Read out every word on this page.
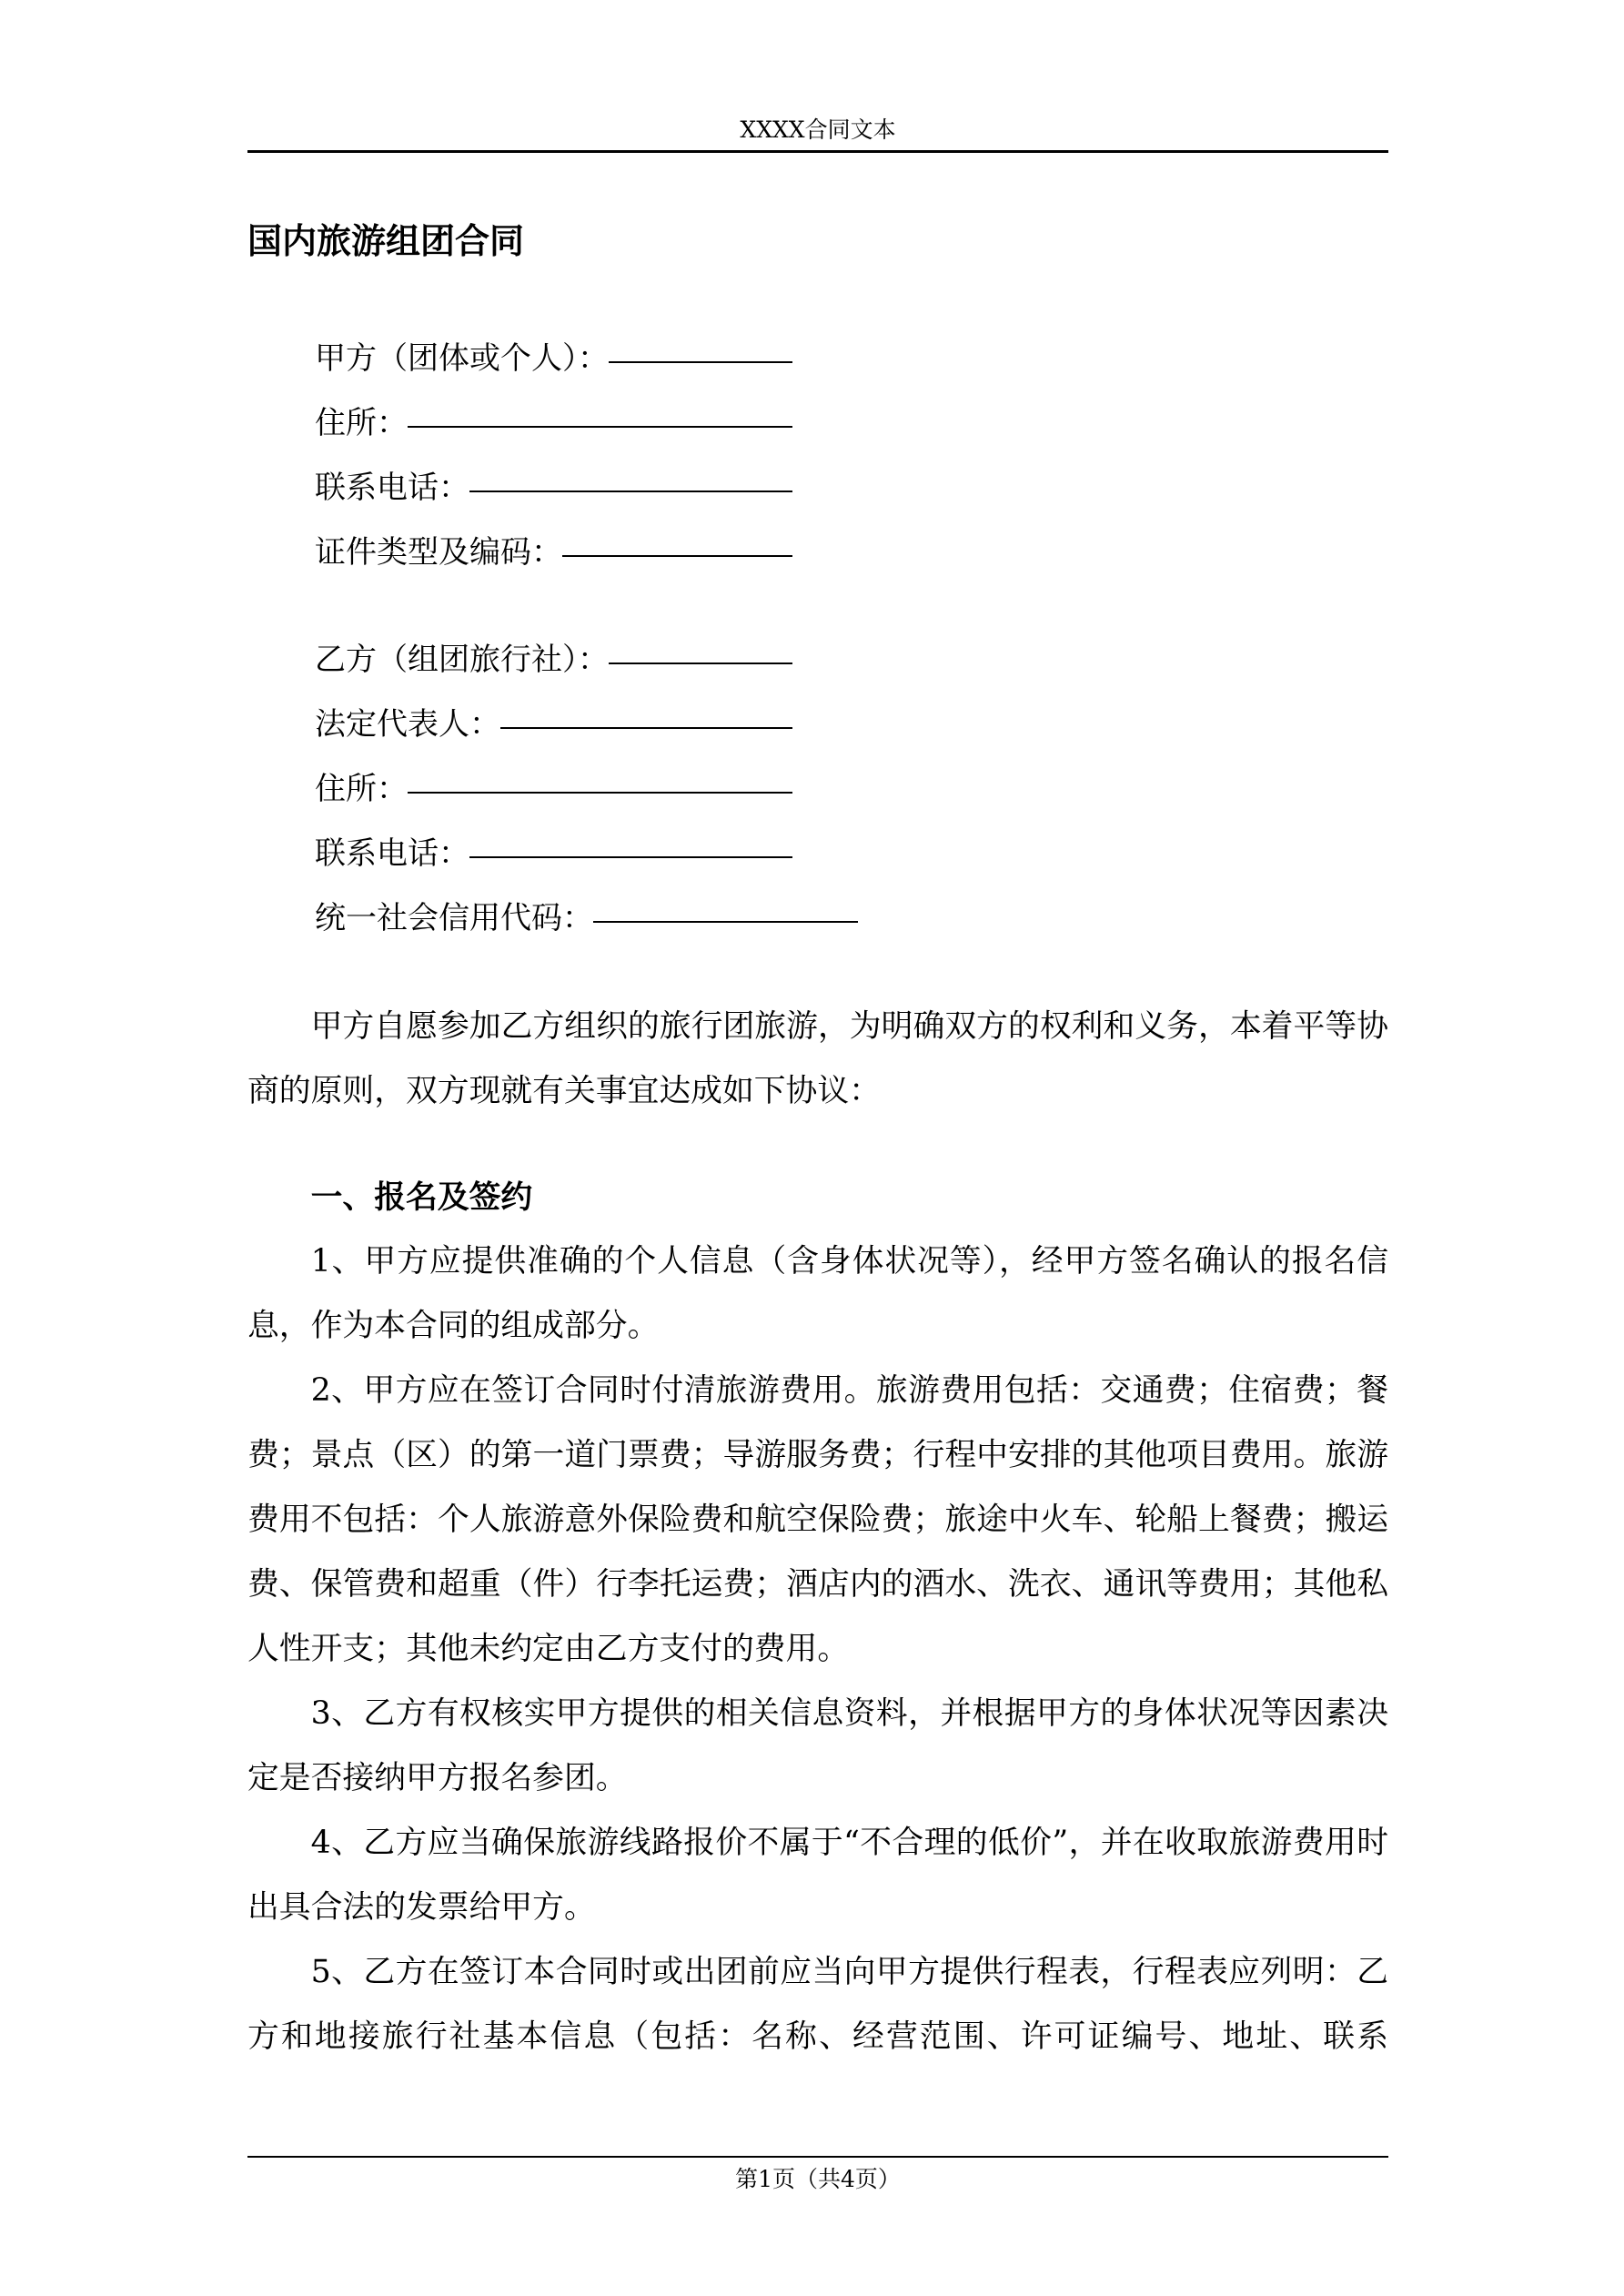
XXXX合同文本
国内旅游组团合同
甲方（团体或个人）：
住所：
联系电话：
证件类型及编码：
乙方（组团旅行社）：
法定代表人：
住所：
联系电话：
统一社会信用代码：

甲方自愿参加乙方组织的旅行团旅游，为明确双方的权利和义务，本着平等协商的原则，双方现就有关事宜达成如下协议：

一、报名及签约

1、甲方应提供准确的个人信息（含身体状况等），经甲方签名确认的报名信息，作为本合同的组成部分。

2、甲方应在签订合同时付清旅游费用。旅游费用包括：交通费；住宿费；餐费；景点（区）的第一道门票费；导游服务费；行程中安排的其他项目费用。旅游费用不包括：个人旅游意外保险费和航空保险费；旅途中火车、轮船上餐费；搬运费、保管费和超重（件）行李托运费；酒店内的酒水、洗衣、通讯等费用；其他私人性开支；其他未约定由乙方支付的费用。

3、乙方有权核实甲方提供的相关信息资料，并根据甲方的身体状况等因素决定是否接纳甲方报名参团。

4、乙方应当确保旅游线路报价不属于“不合理的低价”，并在收取旅游费用时出具合法的发票给甲方。

5、乙方在签订本合同时或出团前应当向甲方提供行程表，行程表应列明：乙方和地接旅行社基本信息（包括：名称、经营范围、许可证编号、地址、联系

第1页（共4页）
